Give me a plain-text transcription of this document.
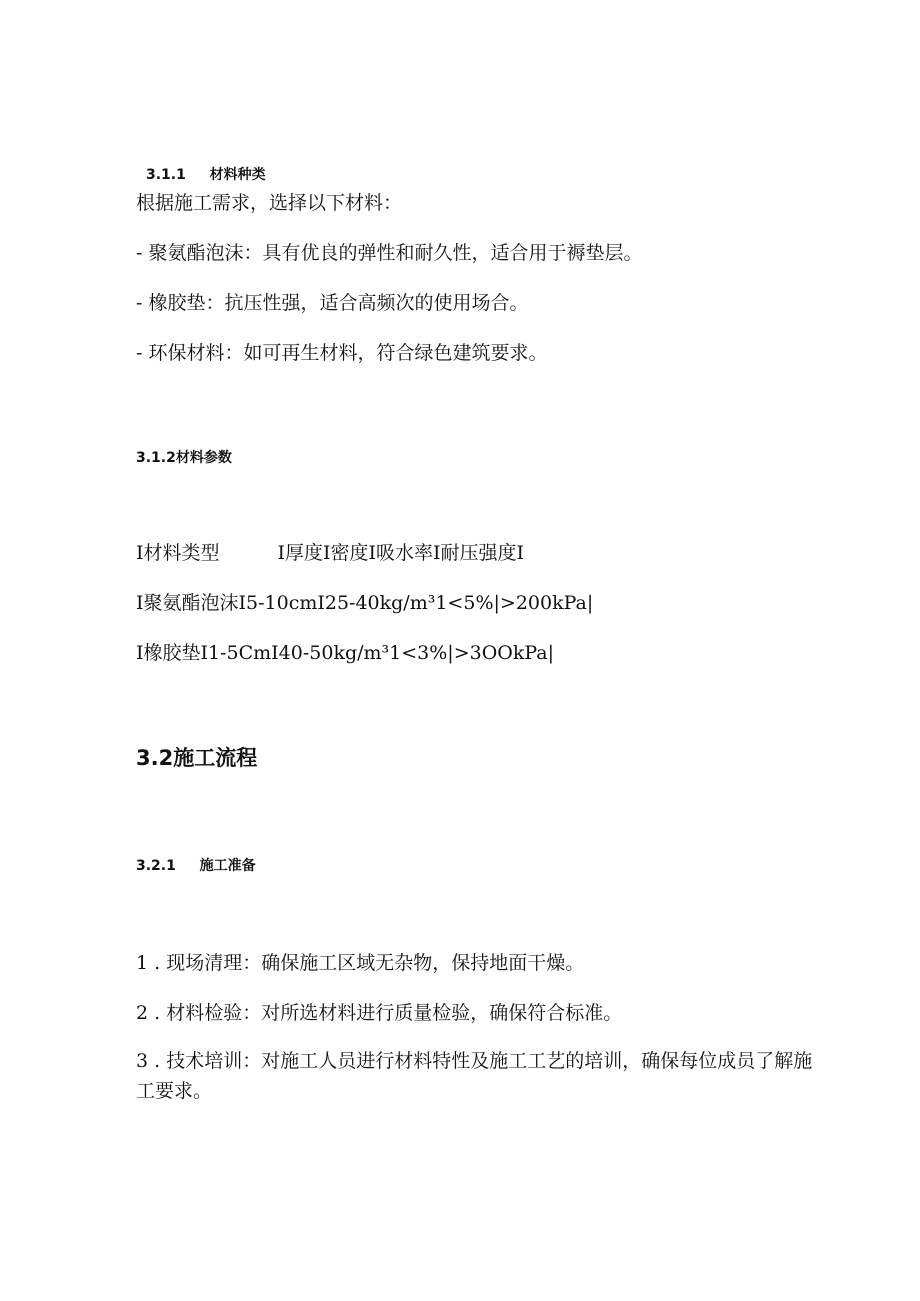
3.1.1 材料种类

根据施工需求，选择以下材料：

- 聚氨酯泡沫：具有优良的弹性和耐久性，适合用于褥垫层。

- 橡胶垫：抗压性强，适合高频次的使用场合。

- 环保材料：如可再生材料，符合绿色建筑要求。

3.1.2材料参数
I材料类型	I厚度I密度I吸水率I耐压强度I

I聚氨酯泡沫I5-10cmI25-40kg∕m³1<5%|>200kPa|

I橡胶垫I1-5CmI40-50kg∕m³1<3%|>3OOkPa|

3.2施工流程
3.2.1 施工准备

1 . 现场清理：确保施工区域无杂物，保持地面干燥。

2 . 材料检验：对所选材料进行质量检验，确保符合标准。

3 . 技术培训：对施工人员进行材料特性及施工工艺的培训，确保每位成员了解施工要求。
